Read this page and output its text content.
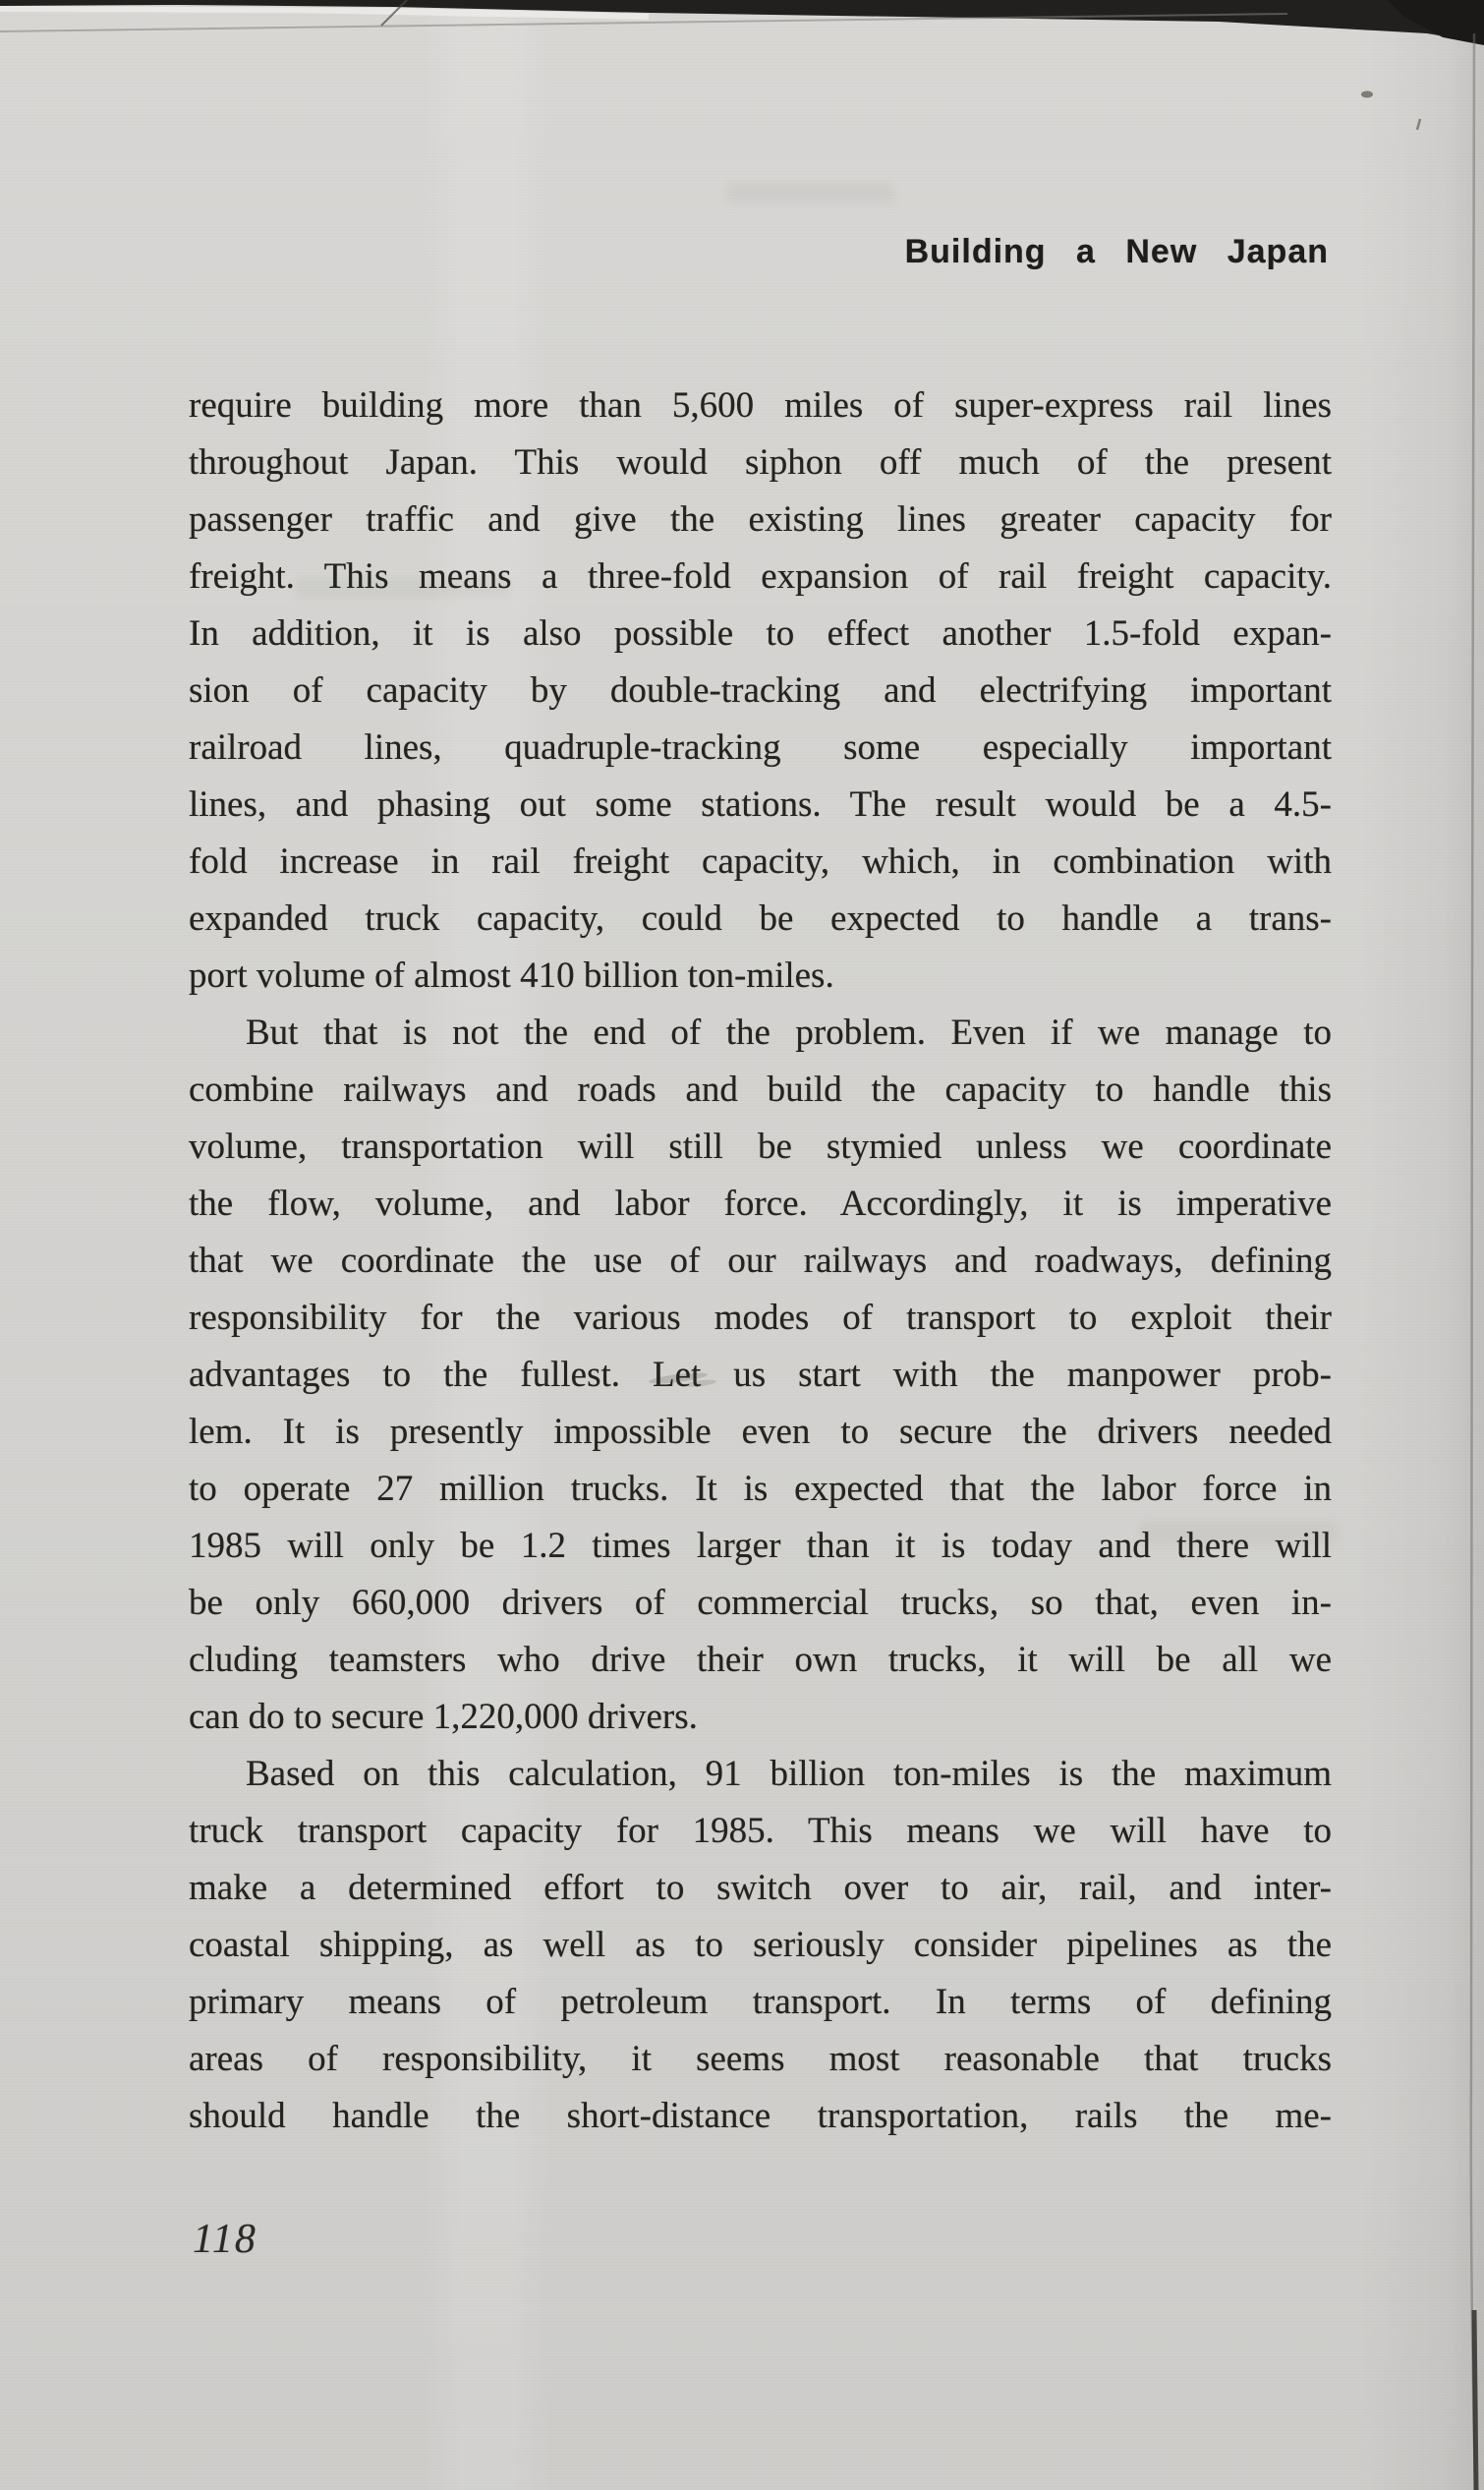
Building a New Japan
require building more than 5,600 miles of super-express rail lines
throughout Japan. This would siphon off much of the present
passenger traffic and give the existing lines greater capacity for
freight. This means a three-fold expansion of rail freight capacity.
In addition, it is also possible to effect another 1.5-fold expan-
sion of capacity by double-tracking and electrifying important
railroad lines, quadruple-tracking some especially important
lines, and phasing out some stations. The result would be a 4.5-
fold increase in rail freight capacity, which, in combination with
expanded truck capacity, could be expected to handle a trans-
port volume of almost 410 billion ton-miles.
But that is not the end of the problem. Even if we manage to
combine railways and roads and build the capacity to handle this
volume, transportation will still be stymied unless we coordinate
the flow, volume, and labor force. Accordingly, it is imperative
that we coordinate the use of our railways and roadways, defining
responsibility for the various modes of transport to exploit their
advantages to the fullest. Let us start with the manpower prob-
lem. It is presently impossible even to secure the drivers needed
to operate 27 million trucks. It is expected that the labor force in
1985 will only be 1.2 times larger than it is today and there will
be only 660,000 drivers of commercial trucks, so that, even in-
cluding teamsters who drive their own trucks, it will be all we
can do to secure 1,220,000 drivers.
Based on this calculation, 91 billion ton-miles is the maximum
truck transport capacity for 1985. This means we will have to
make a determined effort to switch over to air, rail, and inter-
coastal shipping, as well as to seriously consider pipelines as the
primary means of petroleum transport. In terms of defining
areas of responsibility, it seems most reasonable that trucks
should handle the short-distance transportation, rails the me-
118
